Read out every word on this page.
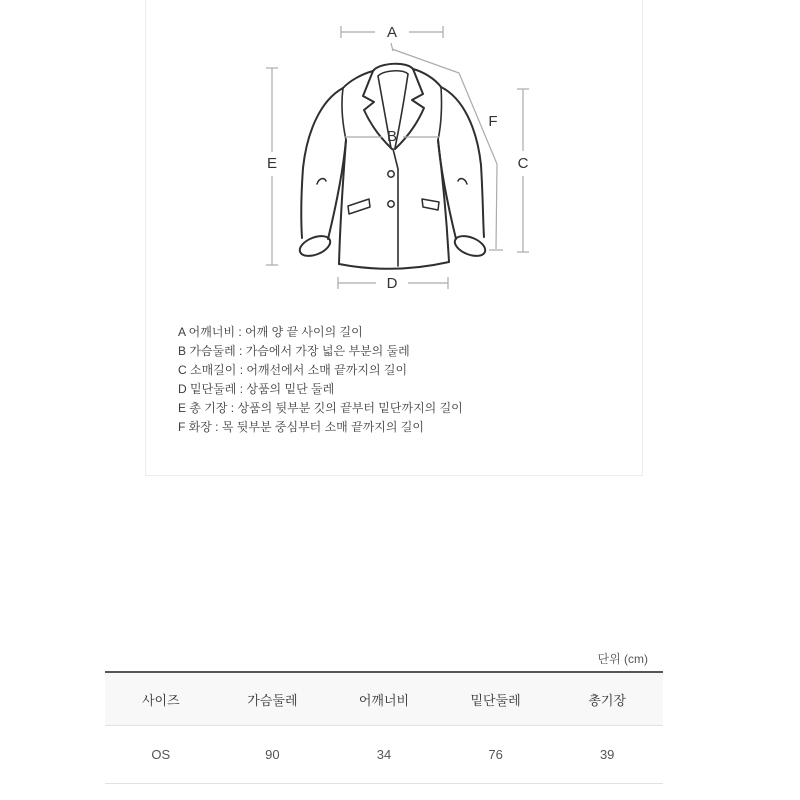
A
B
C
D
E
F
A 어깨너비 : 어깨 양 끝 사이의 길이
B 가슴둘레 : 가슴에서 가장 넓은 부분의 둘레
C 소매길이 : 어깨선에서 소매 끝까지의 길이
D 밑단둘레 : 상품의 밑단 둘레
E 총 기장 : 상품의 뒷부분 깃의 끝부터 밑단까지의 길이
F 화장 : 목 뒷부분 중심부터 소매 끝까지의 길이
단위 (cm)
사이즈	가슴둘레	어깨너비	밑단둘레	총기장
OS	90	34	76	39
